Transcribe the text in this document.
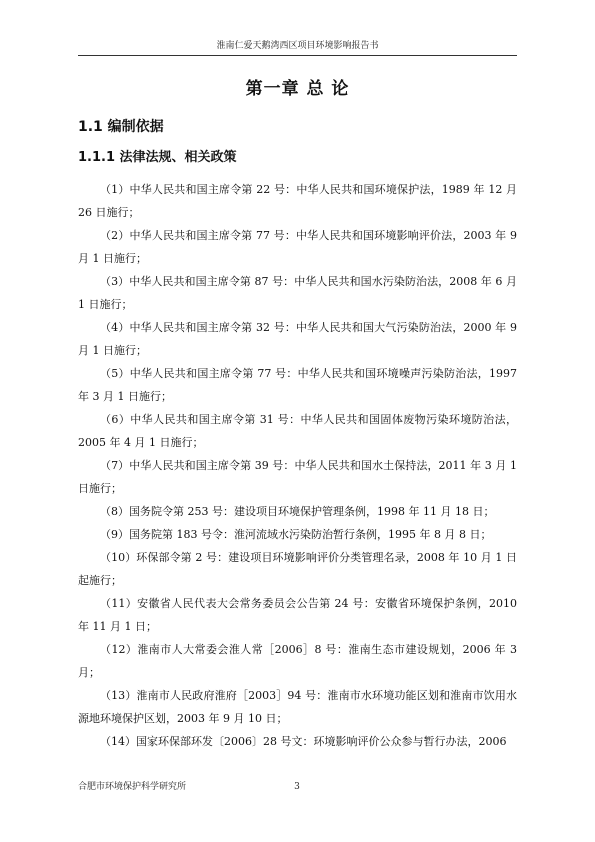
淮南仁爱天鹅湾西区项目环境影响报告书
第一章 总 论
1.1 编制依据
1.1.1 法律法规、相关政策

（1）中华人民共和国主席令第 22 号：中华人民共和国环境保护法，1989 年 12 月 26 日施行；

（2）中华人民共和国主席令第 77 号：中华人民共和国环境影响评价法，2003 年 9 月 1 日施行；

（3）中华人民共和国主席令第 87 号：中华人民共和国水污染防治法，2008 年 6 月 1 日施行；

（4）中华人民共和国主席令第 32 号：中华人民共和国大气污染防治法，2000 年 9 月 1 日施行；

（5）中华人民共和国主席令第 77 号：中华人民共和国环境噪声污染防治法，1997 年 3 月 1 日施行；

（6）中华人民共和国主席令第 31 号：中华人民共和国固体废物污染环境防治法，2005 年 4 月 1 日施行；

（7）中华人民共和国主席令第 39 号：中华人民共和国水土保持法，2011 年 3 月 1 日施行；

（8）国务院令第 253 号：建设项目环境保护管理条例，1998 年 11 月 18 日；

（9）国务院第 183 号令：淮河流域水污染防治暂行条例，1995 年 8 月 8 日；

（10）环保部令第 2 号：建设项目环境影响评价分类管理名录，2008 年 10 月 1 日起施行；

（11）安徽省人民代表大会常务委员会公告第 24 号：安徽省环境保护条例，2010 年 11 月 1 日；

（12）淮南市人大常委会淮人常［2006］8 号：淮南生态市建设规划，2006 年 3 月；

（13）淮南市人民政府淮府［2003］94 号：淮南市水环境功能区划和淮南市饮用水源地环境保护区划，2003 年 9 月 10 日；

（14）国家环保部环发〔2006〕28 号文：环境影响评价公众参与暂行办法，2006

合肥市环境保护科学研究所	3
